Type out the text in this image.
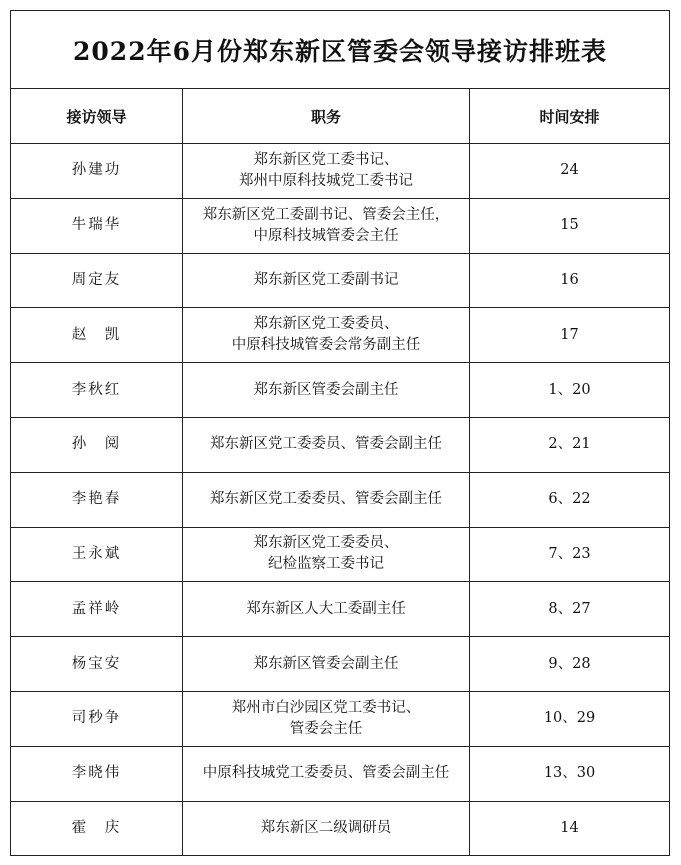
2022年6月份郑东新区管委会领导接访排班表		
接访领导	职务	时间安排
孙建功	郑东新区党工委书记、
郑州中原科技城党工委书记	24
牛瑞华	郑东新区党工委副书记、管委会主任，
中原科技城管委会主任	15
周定友	郑东新区党工委副书记	16
赵　凯	郑东新区党工委委员、
中原科技城管委会常务副主任	17
李秋红	郑东新区管委会副主任	1、20
孙　阅	郑东新区党工委委员、管委会副主任	2、21
李艳春	郑东新区党工委委员、管委会副主任	6、22
王永斌	郑东新区党工委委员、
纪检监察工委书记	7、23
孟祥岭	郑东新区人大工委副主任	8、27
杨宝安	郑东新区管委会副主任	9、28
司秒争	郑州市白沙园区党工委书记、
管委会主任	10、29
李晓伟	中原科技城党工委委员、管委会副主任	13、30
霍　庆	郑东新区二级调研员	14
